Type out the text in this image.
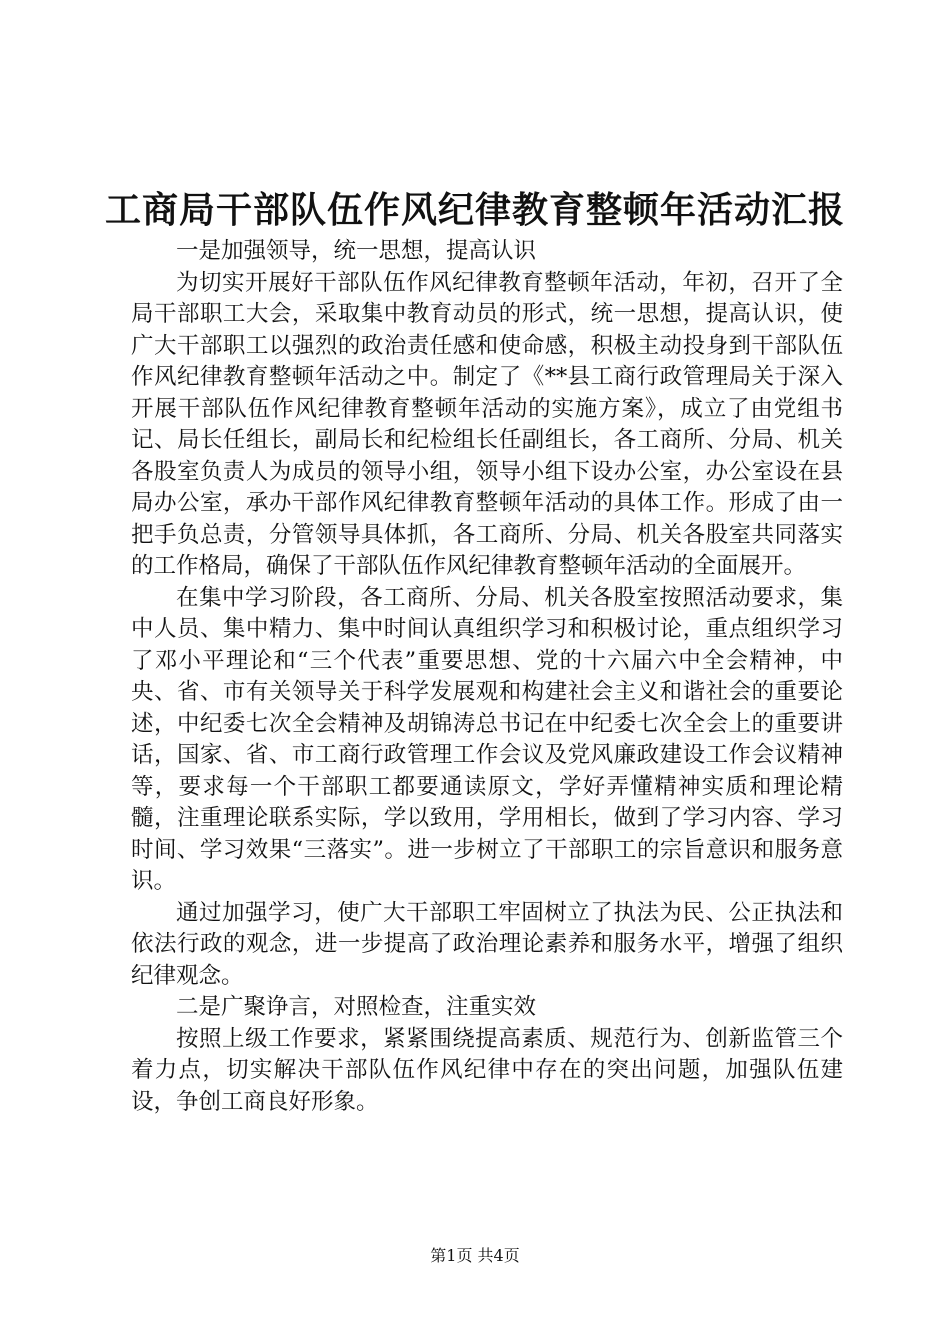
工商局干部队伍作风纪律教育整顿年活动汇报

一是加强领导，统一思想，提高认识

为切实开展好干部队伍作风纪律教育整顿年活动，年初，召开了全局干部职工大会，采取集中教育动员的形式，统一思想，提高认识，使广大干部职工以强烈的政治责任感和使命感，积极主动投身到干部队伍作风纪律教育整顿年活动之中。制定了《**县工商行政管理局关于深入开展干部队伍作风纪律教育整顿年活动的实施方案》，成立了由党组书记、局长任组长，副局长和纪检组长任副组长，各工商所、分局、机关各股室负责人为成员的领导小组，领导小组下设办公室，办公室设在县局办公室，承办干部作风纪律教育整顿年活动的具体工作。形成了由一把手负总责，分管领导具体抓，各工商所、分局、机关各股室共同落实的工作格局，确保了干部队伍作风纪律教育整顿年活动的全面展开。

在集中学习阶段，各工商所、分局、机关各股室按照活动要求，集中人员、集中精力、集中时间认真组织学习和积极讨论，重点组织学习了邓小平理论和“三个代表”重要思想、党的十六届六中全会精神，中央、省、市有关领导关于科学发展观和构建社会主义和谐社会的重要论述，中纪委七次全会精神及胡锦涛总书记在中纪委七次全会上的重要讲话，国家、省、市工商行政管理工作会议及党风廉政建设工作会议精神等，要求每一个干部职工都要通读原文，学好弄懂精神实质和理论精髓，注重理论联系实际，学以致用，学用相长，做到了学习内容、学习时间、学习效果“三落实”。进一步树立了干部职工的宗旨意识和服务意识。

通过加强学习，使广大干部职工牢固树立了执法为民、公正执法和依法行政的观念，进一步提高了政治理论素养和服务水平，增强了组织纪律观念。

二是广聚诤言，对照检查，注重实效

按照上级工作要求，紧紧围绕提高素质、规范行为、创新监管三个着力点，切实解决干部队伍作风纪律中存在的突出问题，加强队伍建设，争创工商良好形象。

第1页 共4页
